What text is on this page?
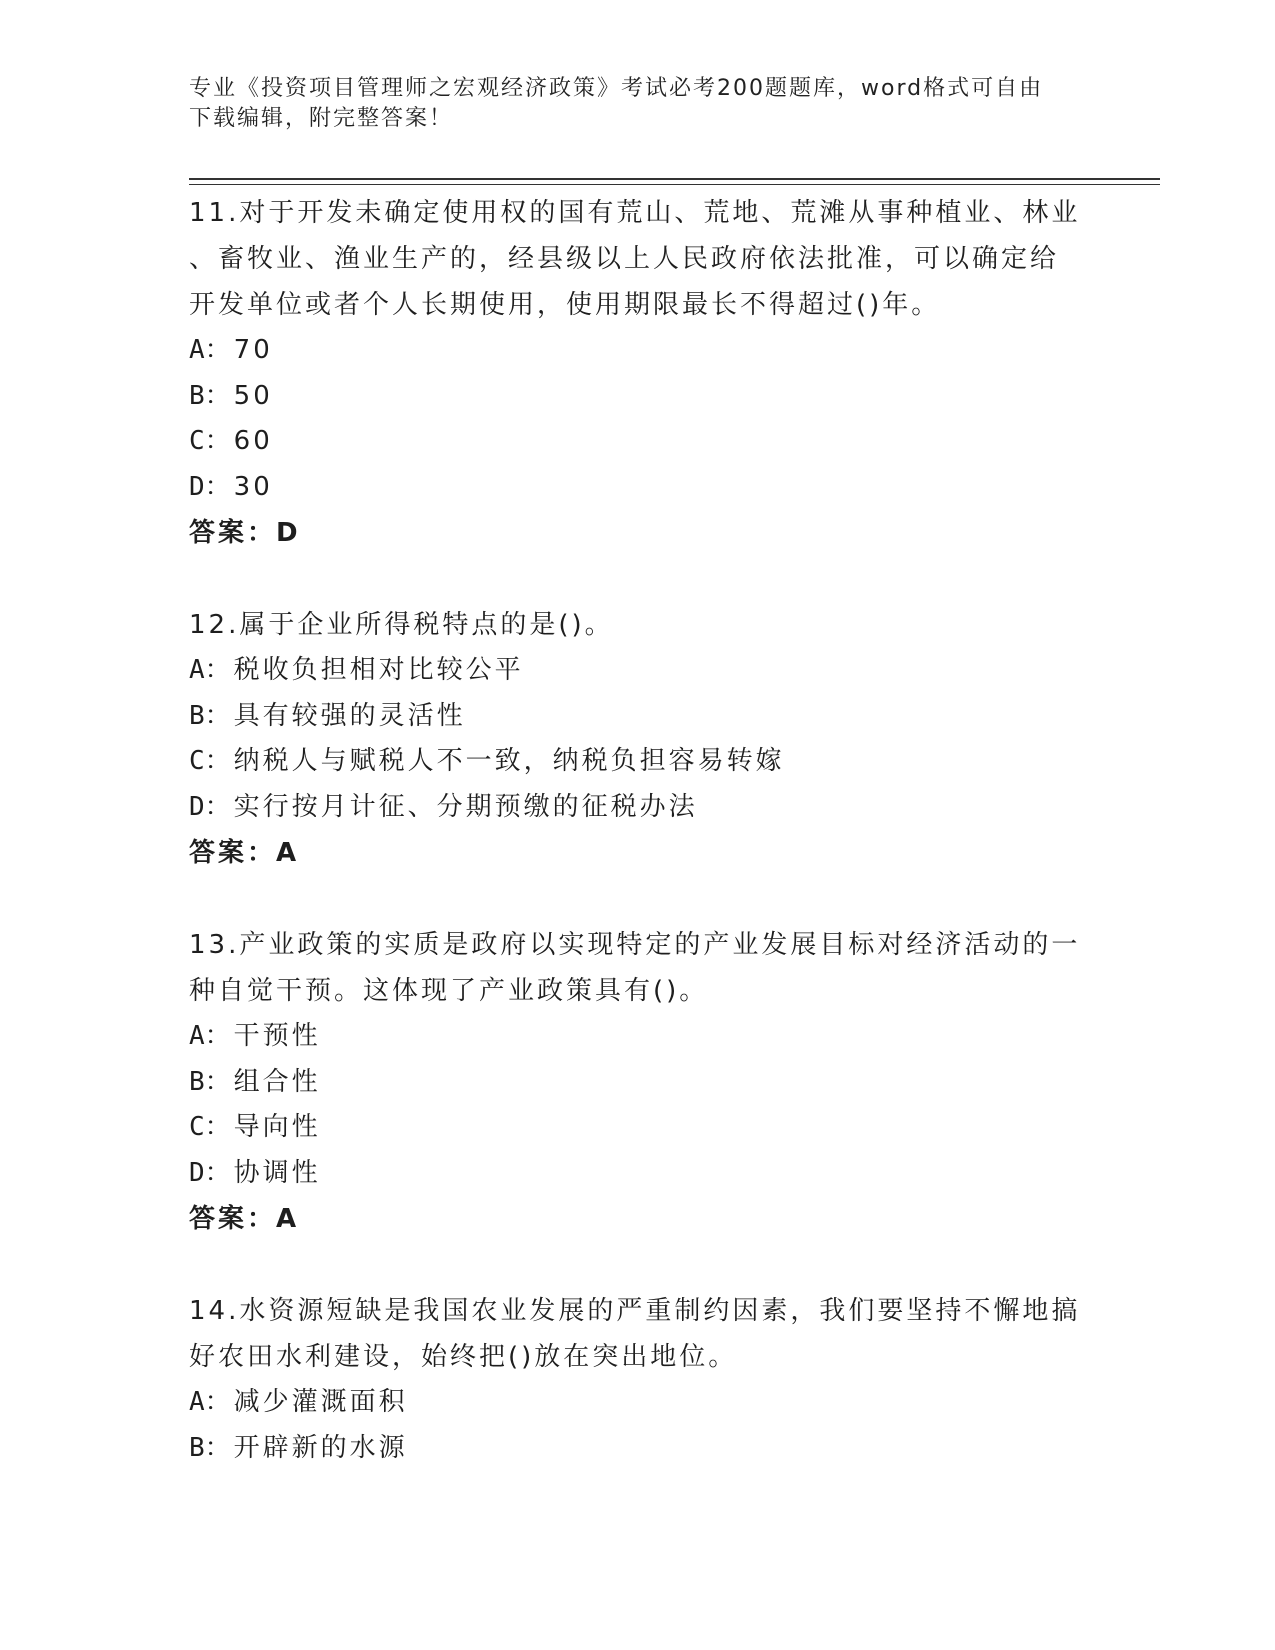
专业《投资项目管理师之宏观经济政策》考试必考200题题库，word格式可自由
下载编辑，附完整答案！
11.对于开发未确定使用权的国有荒山、荒地、荒滩从事种植业、林业
、畜牧业、渔业生产的，经县级以上人民政府依法批准，可以确定给
开发单位或者个人长期使用，使用期限最长不得超过()年。
A：70
B：50
C：60
D：30
答案：D
12.属于企业所得税特点的是()。
A：税收负担相对比较公平
B：具有较强的灵活性
C：纳税人与赋税人不一致，纳税负担容易转嫁
D：实行按月计征、分期预缴的征税办法
答案：A
13.产业政策的实质是政府以实现特定的产业发展目标对经济活动的一
种自觉干预。这体现了产业政策具有()。
A：干预性
B：组合性
C：导向性
D：协调性
答案：A
14.水资源短缺是我国农业发展的严重制约因素，我们要坚持不懈地搞
好农田水利建设，始终把()放在突出地位。
A：减少灌溉面积
B：开辟新的水源
